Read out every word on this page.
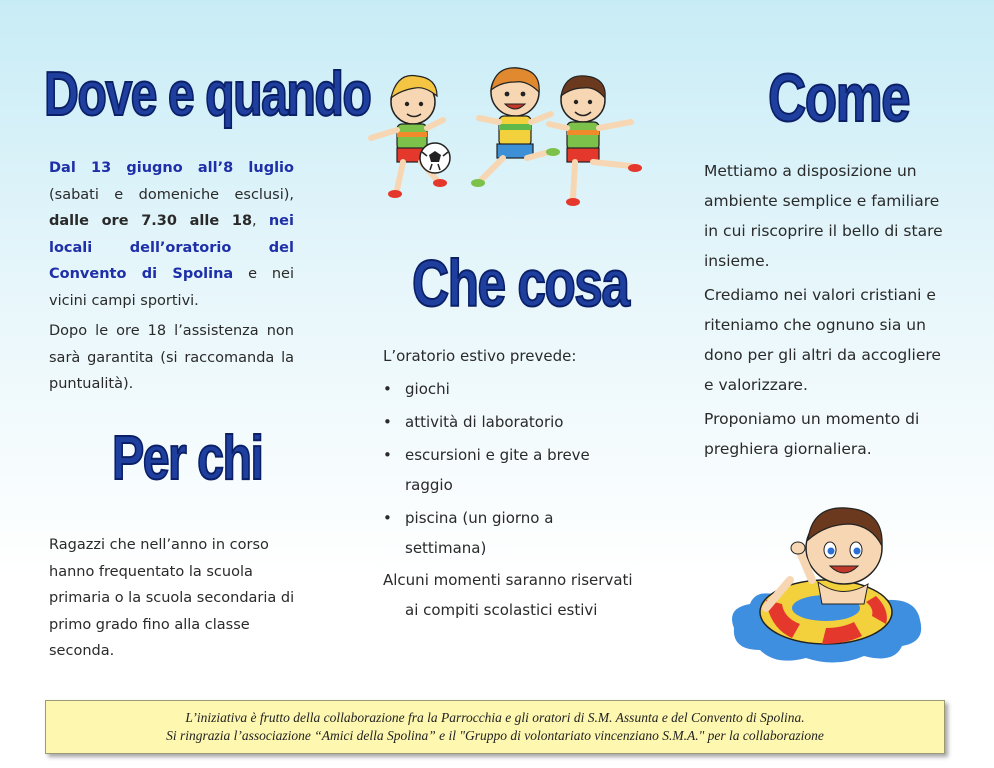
Dove e quando
Per chi
Che cosa
Come

Dal 13 giugno all’8 luglio (sabati e domeniche esclusi), dalle ore 7.30 alle 18, nei locali dell’oratorio del Convento di Spolina e nei vicini campi sportivi.

Dopo le ore 18 l’assistenza non sarà garantita (si raccomanda la puntualità).

Ragazzi che nell’anno in corso hanno frequentato la scuola primaria o la scuola secondaria di primo grado fino alla classe seconda.

L’oratorio estivo prevede:

• giochi
• attività di laboratorio
• escursioni e gite a breve raggio
• piscina (un giorno a settimana)

Alcuni momenti saranno riservati ai compiti scolastici estivi

Mettiamo a disposizione un ambiente semplice e familiare in cui riscoprire il bello di stare insieme.

Crediamo nei valori cristiani e riteniamo che ognuno sia un dono per gli altri da accogliere e valorizzare.

Proponiamo un momento di preghiera giornaliera.

L’iniziativa è frutto della collaborazione fra la Parrocchia e gli oratori di S.M. Assunta e del Convento di Spolina.
Si ringrazia l’associazione “Amici della Spolina” e il "Gruppo di volontariato vincenziano S.M.A." per la collaborazione
